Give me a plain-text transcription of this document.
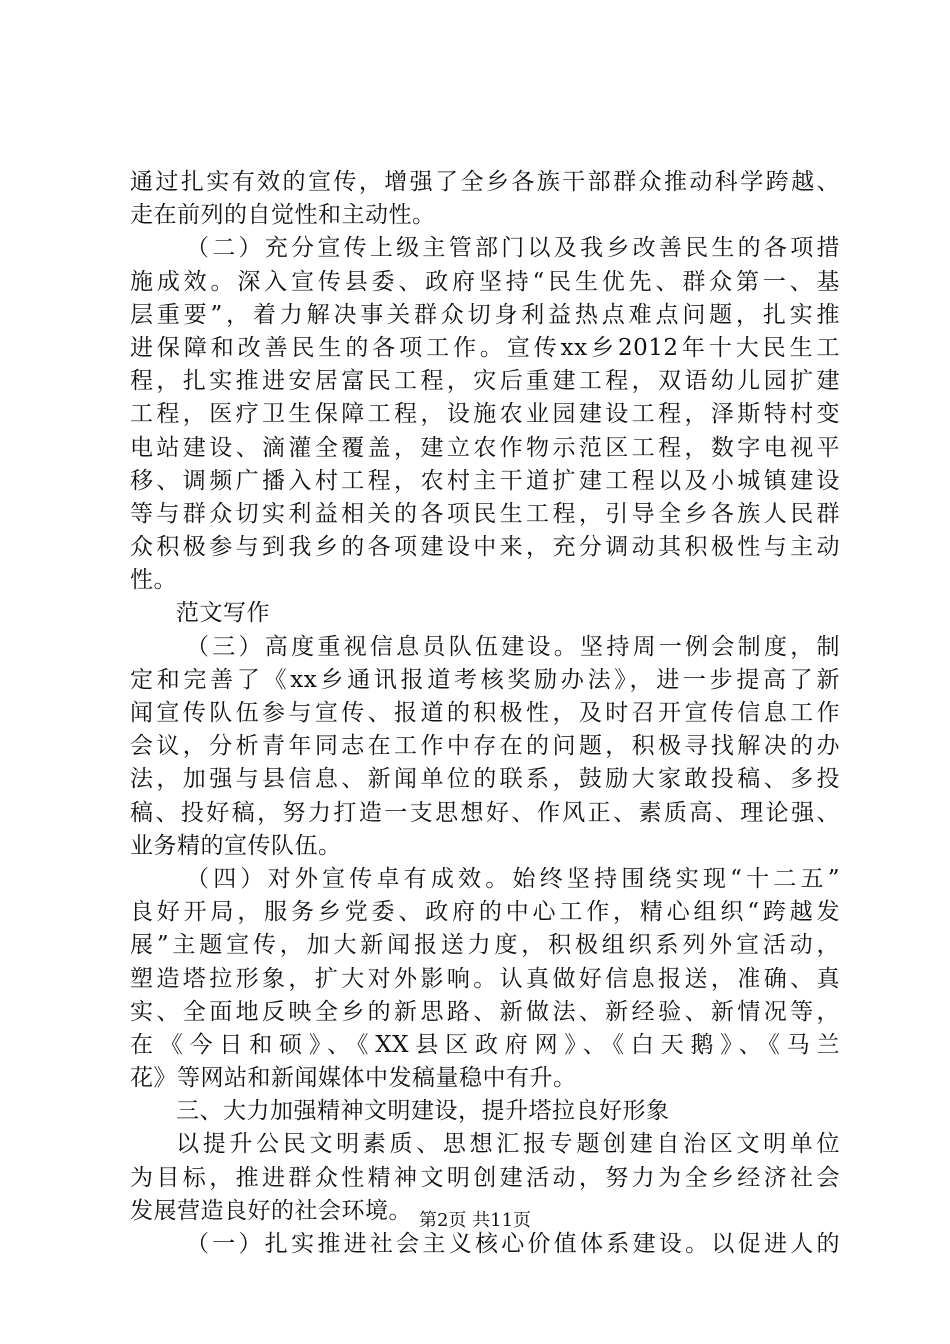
通过扎实有效的宣传，增强了全乡各族干部群众推动科学跨越、
走在前列的自觉性和主动性。
（二）充分宣传上级主管部门以及我乡改善民生的各项措
施成效。深入宣传县委、政府坚持“民生优先、群众第一、基
层重要”，着力解决事关群众切身利益热点难点问题，扎实推
进保障和改善民生的各项工作。宣传xx乡2012年十大民生工
程，扎实推进安居富民工程，灾后重建工程，双语幼儿园扩建
工程，医疗卫生保障工程，设施农业园建设工程，泽斯特村变
电站建设、滴灌全覆盖，建立农作物示范区工程，数字电视平
移、调频广播入村工程，农村主干道扩建工程以及小城镇建设
等与群众切实利益相关的各项民生工程，引导全乡各族人民群
众积极参与到我乡的各项建设中来，充分调动其积极性与主动
性。
范文写作
（三）高度重视信息员队伍建设。坚持周一例会制度，制
定和完善了《xx乡通讯报道考核奖励办法》，进一步提高了新
闻宣传队伍参与宣传、报道的积极性，及时召开宣传信息工作
会议，分析青年同志在工作中存在的问题，积极寻找解决的办
法，加强与县信息、新闻单位的联系，鼓励大家敢投稿、多投
稿、投好稿，努力打造一支思想好、作风正、素质高、理论强、
业务精的宣传队伍。
（四）对外宣传卓有成效。始终坚持围绕实现“十二五”
良好开局，服务乡党委、政府的中心工作，精心组织“跨越发
展”主题宣传，加大新闻报送力度，积极组织系列外宣活动，
塑造塔拉形象，扩大对外影响。认真做好信息报送，准确、真
实、全面地反映全乡的新思路、新做法、新经验、新情况等，
在《今日和硕》、《XX县区政府网》、《白天鹅》、《马兰
花》等网站和新闻媒体中发稿量稳中有升。
三、大力加强精神文明建设，提升塔拉良好形象
以提升公民文明素质、思想汇报专题创建自治区文明单位
为目标，推进群众性精神文明创建活动，努力为全乡经济社会
发展营造良好的社会环境。
（一）扎实推进社会主义核心价值体系建设。以促进人的
第2页 共11页
